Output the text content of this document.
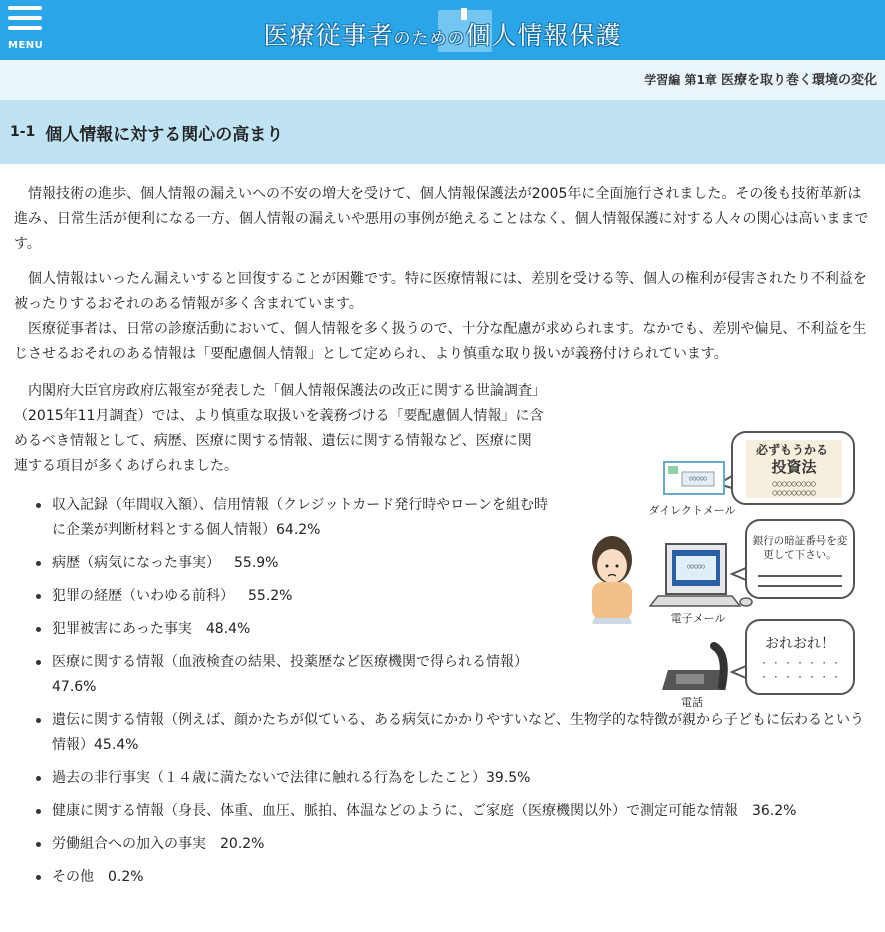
MENU	医療従事者のための個人情報保護
学習編 第1章 医療を取り巻く環境の変化
1-1 個人情報に対する関心の高まり

情報技術の進歩、個人情報の漏えいへの不安の増大を受けて、個人情報保護法が2005年に全面施行されました。その後も技術革新は進み、日常生活が便利になる一方、個人情報の漏えいや悪用の事例が絶えることはなく、個人情報保護に対する人々の関心は高いままです。

個人情報はいったん漏えいすると回復することが困難です。特に医療情報には、差別を受ける等、個人の権利が侵害されたり不利益を被ったりするおそれのある情報が多く含まれています。

医療従事者は、日常の診療活動において、個人情報を多く扱うので、十分な配慮が求められます。なかでも、差別や偏見、不利益を生じさせるおそれのある情報は「要配慮個人情報」として定められ、より慎重な取り扱いが義務付けられています。

内閣府大臣官房政府広報室が発表した「個人情報保護法の改正に関する世論調査」（2015年11月調査）では、より慎重な取扱いを義務づける「要配慮個人情報」に含めるべき情報として、病歴、医療に関する情報、遺伝に関する情報など、医療に関連する項目が多くあげられました。

収入記録（年間収入額）、信用情報（クレジットカード発行時やローンを組む時に企業が判断材料とする個人情報）64.2%
病歴（病気になった事実） 55.9%
犯罪の経歴（いわゆる前科） 55.2%
犯罪被害にあった事実 48.4%
医療に関する情報（血液検査の結果、投薬歴など医療機関で得られる情報）47.6%
遺伝に関する情報（例えば、顔かたちが似ている、ある病気にかかりやすいなど、生物学的な特徴が親から子どもに伝わるという情報）45.4%
過去の非行事実（１４歳に満たないで法律に触れる行為をしたこと）39.5%
健康に関する情報（身長、体重、血圧、脈拍、体温などのように、ご家庭（医療機関以外）で測定可能な情報 36.2%
労働組合への加入の事実 20.2%
その他 0.2%
必ずもうかる
投資法
○○○○○○○○○
○○○○○○○○○
○○○○○
ダイレクトメール
銀行の暗証番号を変更して下さい。
○○○○○
電子メール
おれおれ！
· · · · · · ·
· · · · · · ·
電話
